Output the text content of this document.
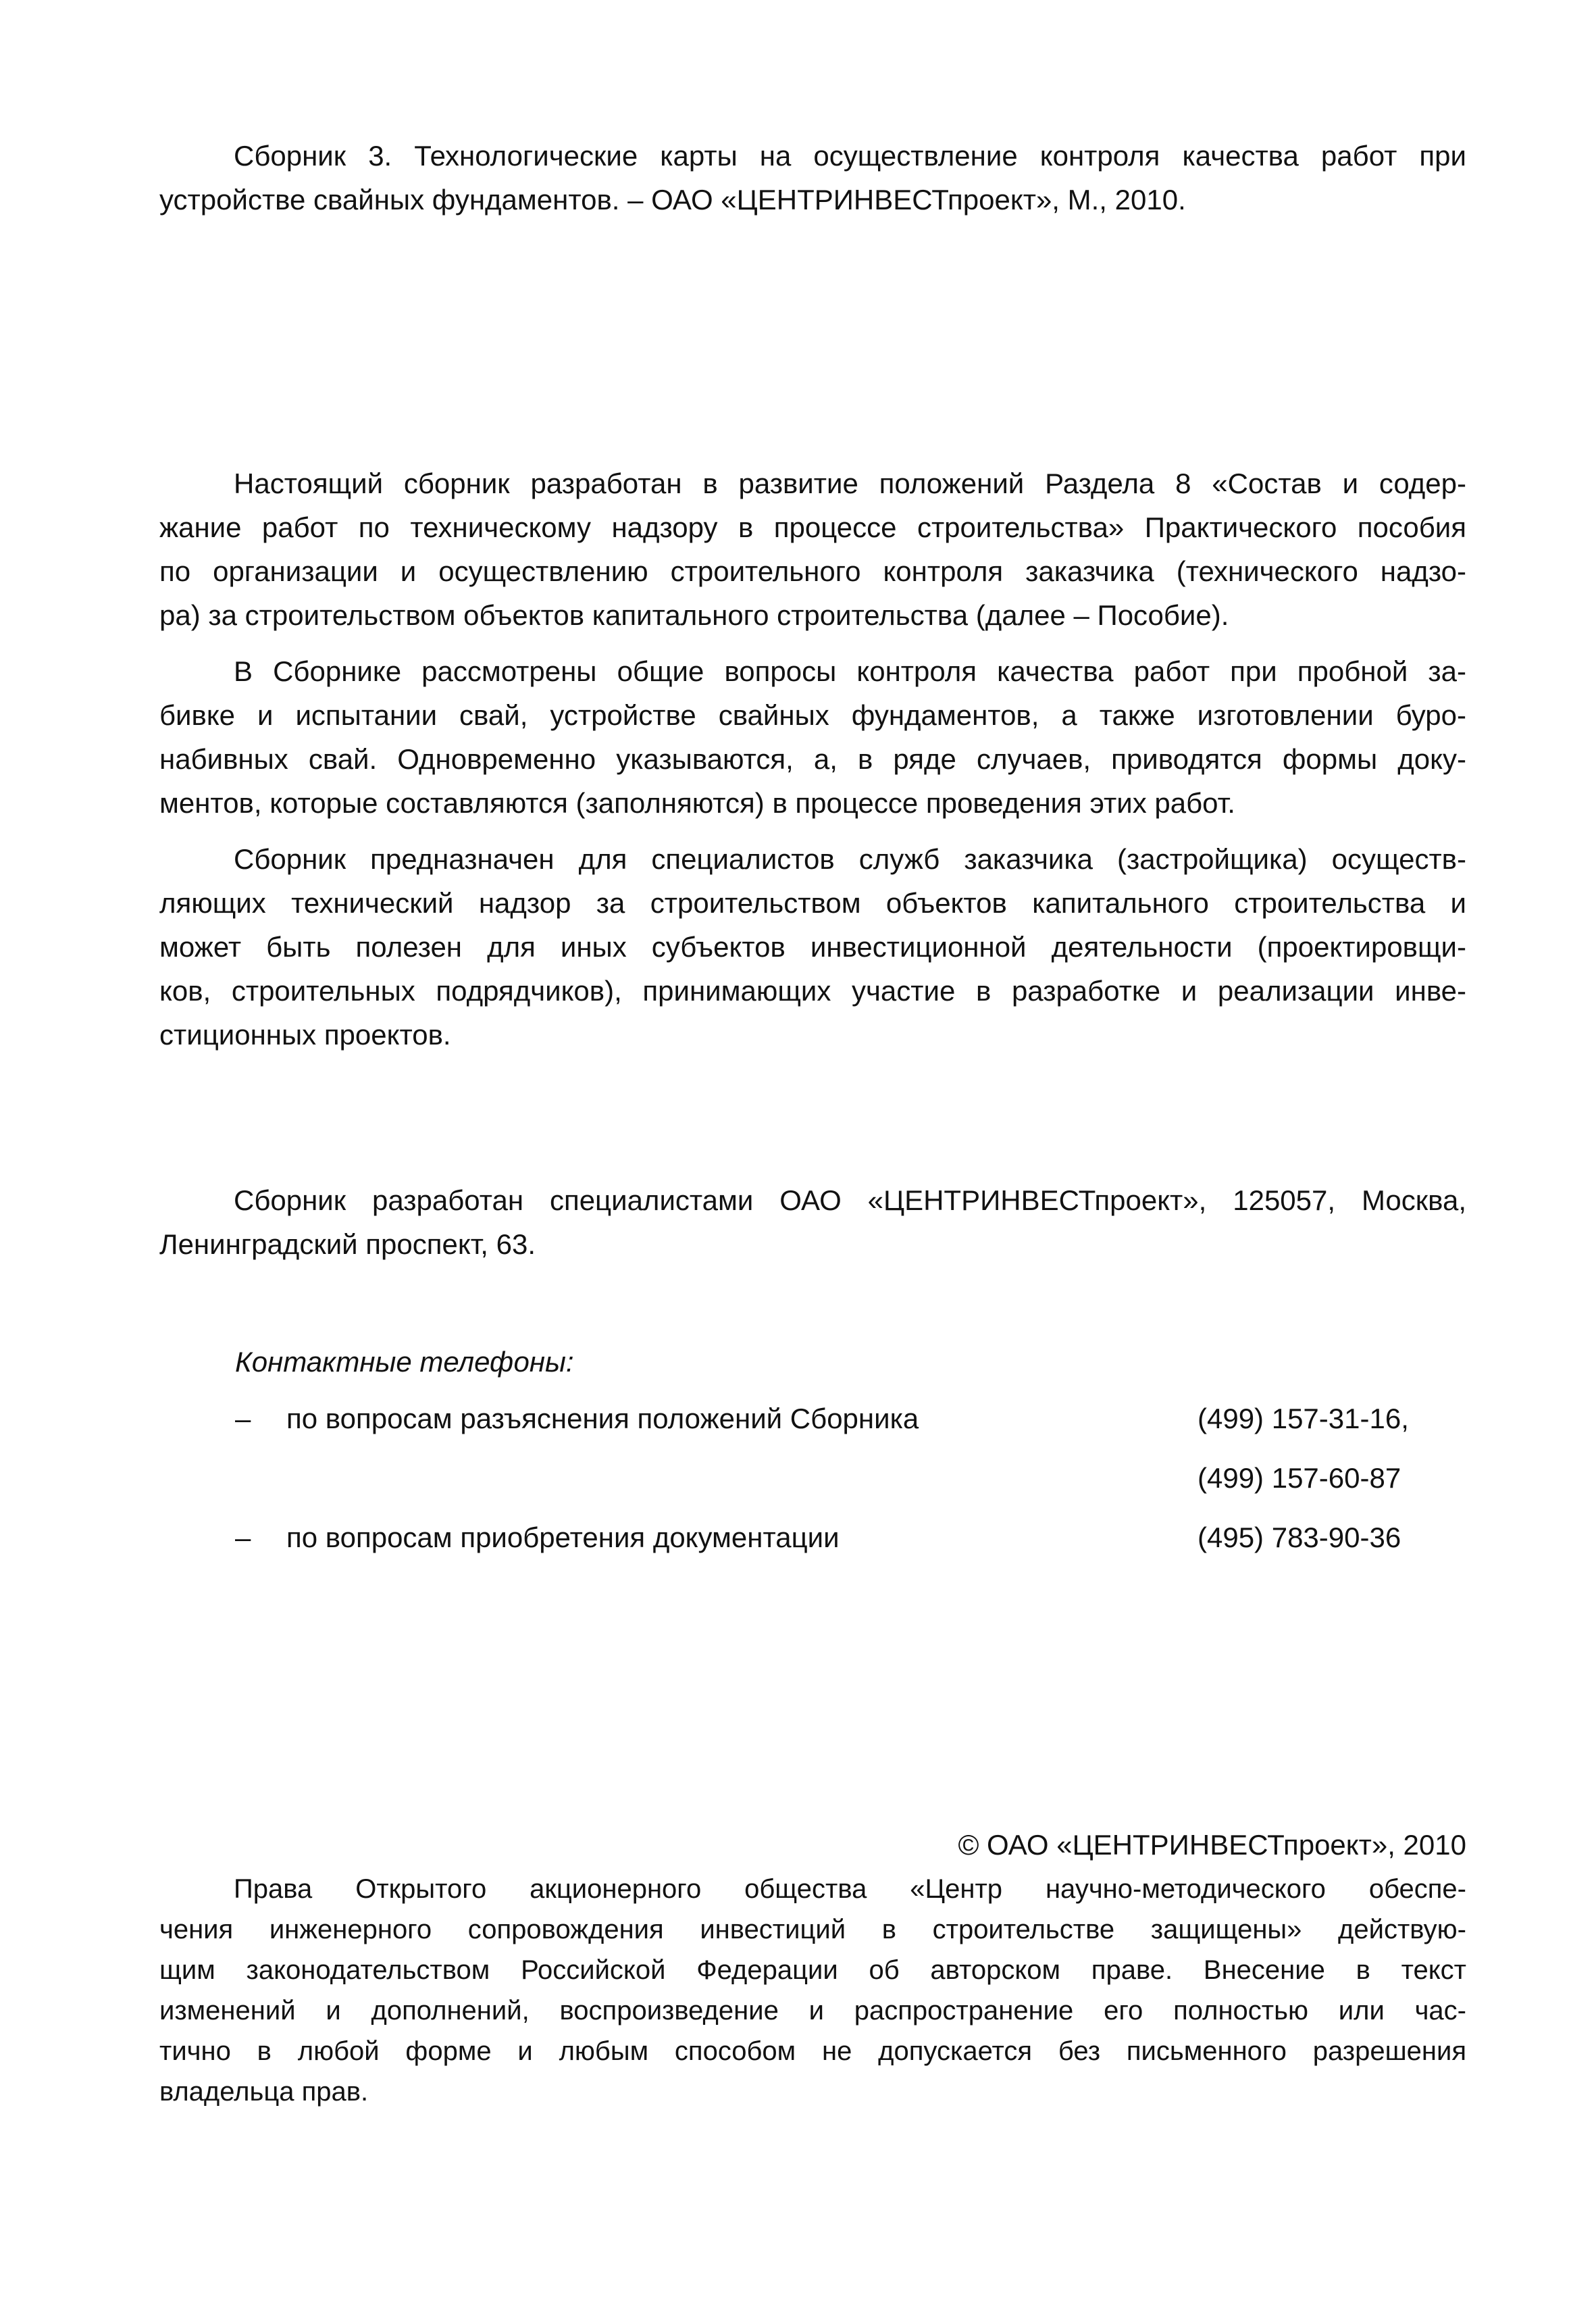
Сборник 3. Технологические карты на осуществление контроля качества работ при
устройстве свайных фундаментов. – ОАО «ЦЕНТРИНВЕСТпроект», М., 2010.

Настоящий сборник разработан в развитие положений Раздела 8 «Состав и содер-
жание работ по техническому надзору в процессе строительства» Практического пособия
по организации и осуществлению строительного контроля заказчика (технического надзо-
ра) за строительством объектов капитального строительства (далее – Пособие).

В Сборнике рассмотрены общие вопросы контроля качества работ при пробной за-
бивке и испытании свай, устройстве свайных фундаментов, а также изготовлении буро-
набивных свай. Одновременно указываются, а, в ряде случаев, приводятся формы доку-
ментов, которые составляются (заполняются) в процессе проведения этих работ.

Сборник предназначен для специалистов служб заказчика (застройщика) осуществ-
ляющих технический надзор за строительством объектов капитального строительства и
может быть полезен для иных субъектов инвестиционной деятельности (проектировщи-
ков, строительных подрядчиков), принимающих участие в разработке и реализации инве-
стиционных проектов.

Сборник разработан специалистами ОАО «ЦЕНТРИНВЕСТпроект», 125057, Москва,
Ленинградский проспект, 63.

Контактные телефоны:
– по вопросам разъяснения положений Сборника	(499) 157-31-16,
(499) 157-60-87
– по вопросам приобретения документации	(495) 783-90-36
© ОАО «ЦЕНТРИНВЕСТпроект», 2010

Права Открытого акционерного общества «Центр научно-методического обеспе-
чения инженерного сопровождения инвестиций в строительстве защищены» действую-
щим законодательством Российской Федерации об авторском праве. Внесение в текст
изменений и дополнений, воспроизведение и распространение его полностью или час-
тично в любой форме и любым способом не допускается без письменного разрешения
владельца прав.
